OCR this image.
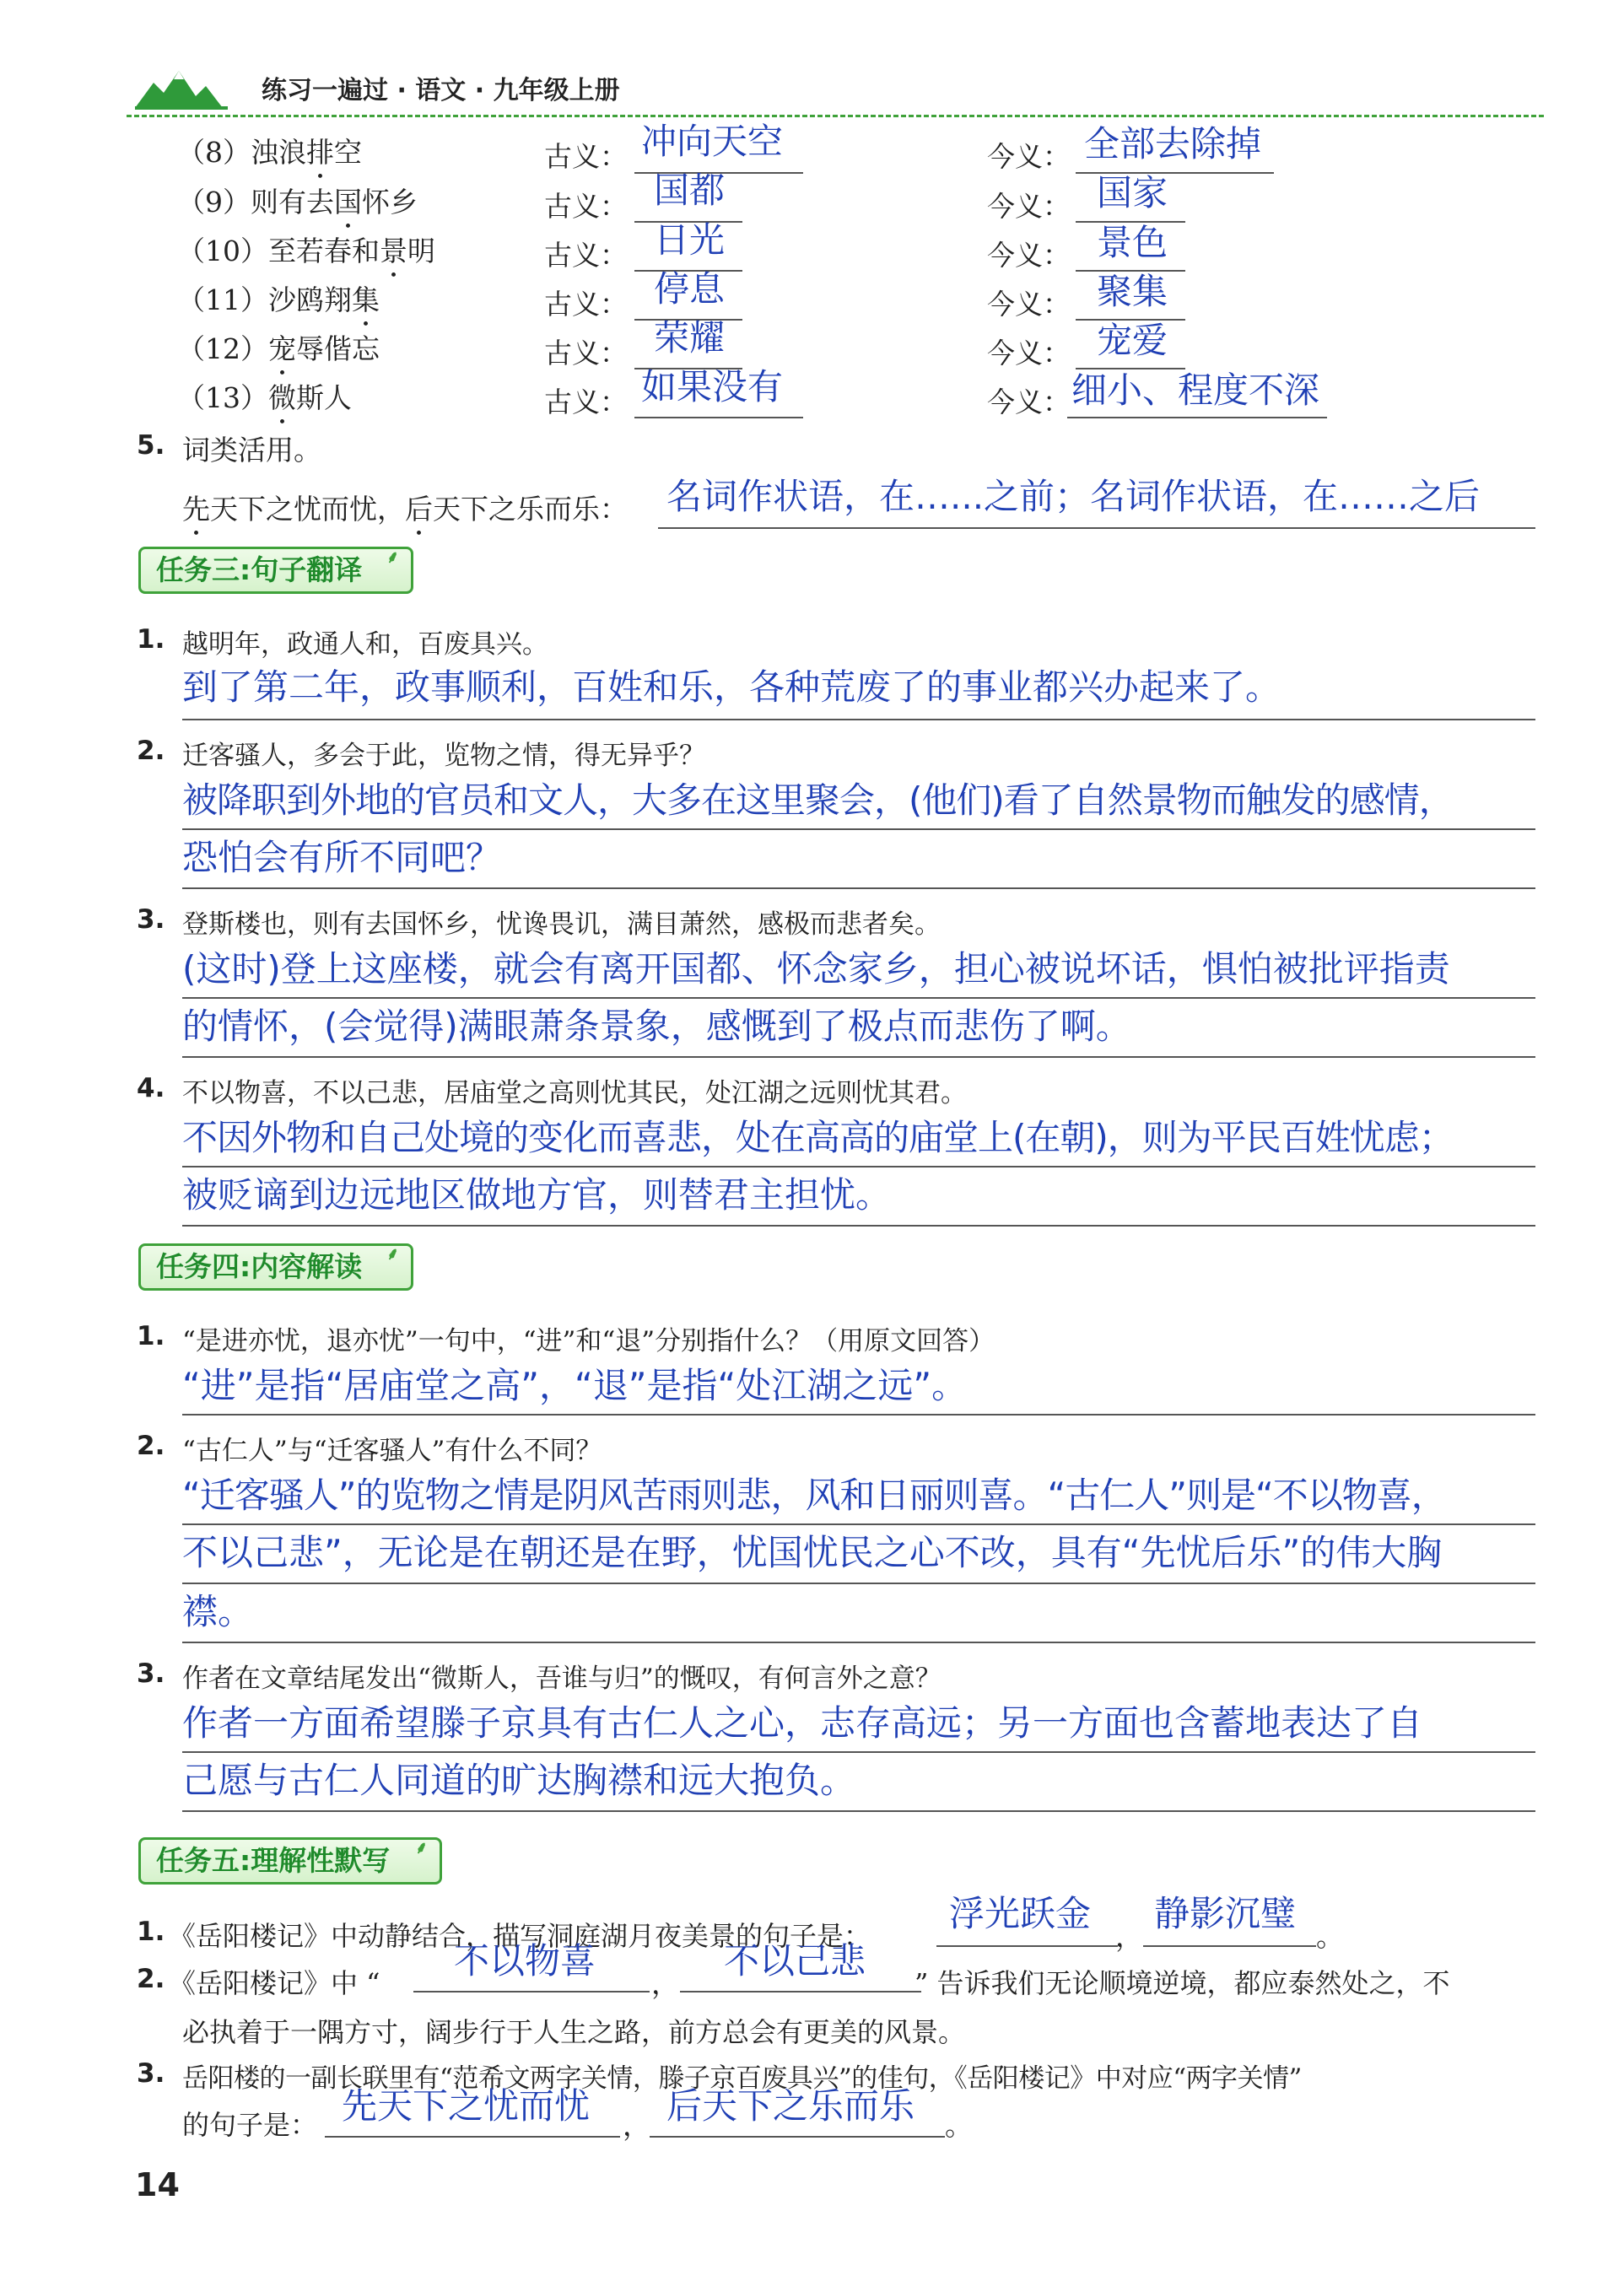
练习一遍过 · 语文 · 九年级上册
（8）浊浪排空	古义： 冲向天空	今义： 全部去除掉
（9）则有去国怀乡	古义： 国都	今义： 国家
（10）至若春和景明	古义： 日光	今义： 景色
（11）沙鸥翔集	古义： 停息	今义： 聚集
（12）宠辱偕忘	古义： 荣耀	今义： 宠爱
（13）微斯人	古义： 如果没有	今义： 细小、程度不深
5. 词类活用。
先天下之忧而忧，后天下之乐而乐： 名词作状语，在…...之前；名词作状语，在……之后
任务三:句子翻译 ⸙
1. 越明年，政通人和，百废具兴。
到了第二年，政事顺利，百姓和乐，各种荒废了的事业都兴办起来了。
2. 迁客骚人，多会于此，览物之情，得无异乎？
被降职到外地的官员和文人，大多在这里聚会，(他们)看了自然景物而触发的感情，
恐怕会有所不同吧？
3. 登斯楼也，则有去国怀乡，忧谗畏讥，满目萧然，感极而悲者矣。
(这时)登上这座楼，就会有离开国都、怀念家乡，担心被说坏话，惧怕被批评指责
的情怀，(会觉得)满眼萧条景象，感慨到了极点而悲伤了啊。
4. 不以物喜，不以己悲，居庙堂之高则忧其民，处江湖之远则忧其君。
不因外物和自己处境的变化而喜悲，处在高高的庙堂上(在朝)，则为平民百姓忧虑；
被贬谪到边远地区做地方官，则替君主担忧。
任务四:内容解读 ⸙
1. “是进亦忧，退亦忧”一句中，“进”和“退”分别指什么？（用原文回答）
“进”是指“居庙堂之高”，“退”是指“处江湖之远”。
2. “古仁人”与“迁客骚人”有什么不同？
“迁客骚人”的览物之情是阴风苦雨则悲，风和日丽则喜。“古仁人”则是“不以物喜，
不以己悲”，无论是在朝还是在野，忧国忧民之心不改，具有“先忧后乐”的伟大胸
襟。
3. 作者在文章结尾发出“微斯人，吾谁与归”的慨叹，有何言外之意？
作者一方面希望滕子京具有古仁人之心，志存高远；另一方面也含蓄地表达了自
己愿与古仁人同道的旷达胸襟和远大抱负。
任务五:理解性默写 ⸙
1. 《岳阳楼记》中动静结合，描写洞庭湖月夜美景的句子是：
浮光跃金
，
静影沉璧
。
2. 《岳阳楼记》中 “
不以物喜
，
不以己悲
” 告诉我们无论顺境逆境，都应泰然处之，不
必执着于一隅方寸，阔步行于人生之路，前方总会有更美的风景。
3. 岳阳楼的一副长联里有“范希文两字关情，滕子京百废具兴”的佳句，《岳阳楼记》中对应“两字关情”
的句子是： 先天下之忧而忧 ， 后天下之乐而乐 。
14
